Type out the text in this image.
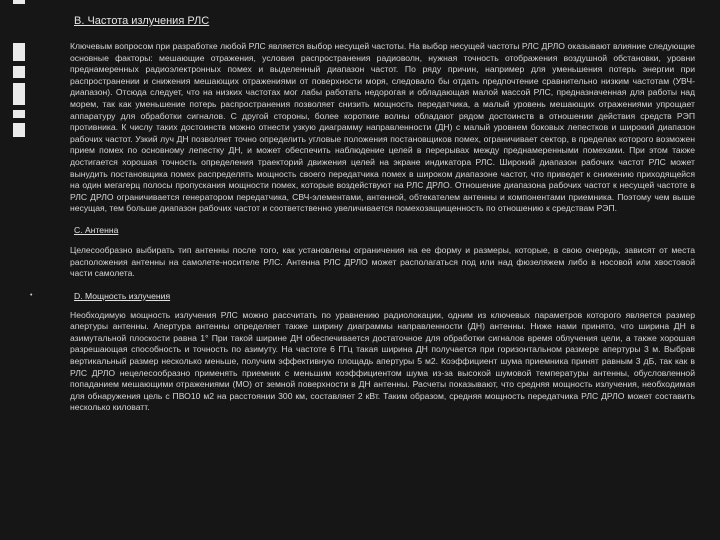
В. Частота излучения РЛС

Ключевым вопросом при разработке любой РЛС является выбор несущей частоты. На выбор несущей частоты РЛС ДРЛО оказывают влияние следующие основные факторы: мешающие отражения, условия распространения радиоволн, нужная точность отображения воздушной обстановки, уровни преднамеренных радиоэлектронных помех и выделенный диапазон частот. По ряду причин, например для уменьшения потерь энергии при распространении и снижения мешающих отражениями от поверхности моря, следовало бы отдать предпочтение сравнительно низким частотам (УВЧ-диапазон). Отсюда следует, что на низких частотах мог лабы работать недорогая и обладающая малой массой РЛС, предназначенная для работы над морем, так как уменьшение потерь распространения позволяет снизить мощность передатчика, а малый уровень мешающих отражениями упрощает аппаратуру для обработки сигналов. С другой стороны, более короткие волны обладают рядом достоинств в отношении действия средств РЭП противника. К числу таких достоинств можно отнести узкую диаграмму направленности (ДН) с малый уровнем боковых лепестков и широкий диапазон рабочих частот. Узкий луч ДН позволяет точно определить угловые положения постановщиков помех, ограничивает сектор, в пределах которого возможен прием помех по основному лепестку ДН, и может обеспечить наблюдение целей в перерывах между преднамеренными помехами. При этом также достигается хорошая точность определения траекторий движения целей на экране индикатора РЛС. Широкий диапазон рабочих частот РЛС может вынудить постановщика помех распределять мощность своего передатчика помех в широком диапазоне частот, что приведет к снижению приходящейся на один мегагерц полосы пропускания мощности помех, которые воздействуют на РЛС ДРЛО. Отношение диапазона рабочих частот к несущей частоте в РЛС ДРЛО ограничивается генератором передатчика, СВЧ-элементами, антенной, обтекателем антенны и компонентами приемника. Поэтому чем выше несущая, тем больше диапазон рабочих частот и соответственно увеличивается помехозащищенность по отношению к средствам РЭП.

С. Антенна

Целесообразно выбирать тип антенны после того, как установлены ограничения на ее форму и размеры, которые, в свою очередь, зависят от места расположения антенны на самолете-носителе РЛС. Антенна РЛС ДРЛО может располагаться под или над фюзеляжем либо в носовой или хвостовой части самолета.

•	D. Мощность излучения

Необходимую мощность излучения РЛС можно рассчитать по уравнению радиолокации, одним из ключевых параметров которого является размер апертуры антенны. Апертура антенны определяет также ширину диаграммы направленности (ДН) антенны. Ниже нами принято, что ширина ДН в азимутальной плоскости равна 1° При такой ширине ДН обеспечивается достаточное для обработки сигналов время облучения цели, а также хорошая разрешающая способность и точность по азимуту. На частоте 6 ГГц такая ширина ДН получается при горизонтальном размере апертуры 3 м. Выбрав вертикальный размер несколько меньше, получим эффективную площадь апертуры 5 м2. Коэффициент шума приемника принят равным 3 дБ, так как в РЛС ДРЛО нецелесообразно применять приемник с меньшим коэффициентом шума из-за высокой шумовой температуры антенны, обусловленной попаданием мешающими отражениями (МО) от земной поверхности в ДН антенны. Расчеты показывают, что средняя мощность излучения, необходимая для обнаружения цель с ПВО10 м2 на расстоянии 300 км, составляет 2 кВт. Таким образом, средняя мощность передатчика РЛС ДРЛО может составить несколько киловатт.
